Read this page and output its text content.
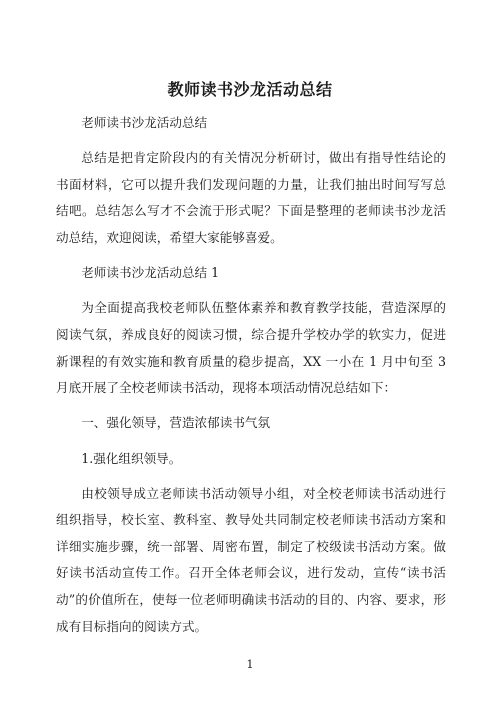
教师读书沙龙活动总结

老师读书沙龙活动总结

总结是把肯定阶段内的有关情况分析研讨，做出有指导性结论的书面材料，它可以提升我们发现问题的力量，让我们抽出时间写写总结吧。总结怎么写才不会流于形式呢？下面是整理的老师读书沙龙活动总结，欢迎阅读，希望大家能够喜爱。

老师读书沙龙活动总结 1

为全面提高我校老师队伍整体素养和教育教学技能，营造深厚的阅读气氛，养成良好的阅读习惯，综合提升学校办学的软实力，促进新课程的有效实施和教育质量的稳步提高，XX 一小在 1 月中旬至 3 月底开展了全校老师读书活动，现将本项活动情况总结如下：

一、强化领导，营造浓郁读书气氛

1.强化组织领导。

由校领导成立老师读书活动领导小组，对全校老师读书活动进行组织指导，校长室、教科室、教导处共同制定校老师读书活动方案和详细实施步骤，统一部署、周密布置，制定了校级读书活动方案。做好读书活动宣传工作。召开全体老师会议，进行发动，宣传“读书活动”的价值所在，使每一位老师明确读书活动的目的、内容、要求，形成有目标指向的阅读方式。

1
